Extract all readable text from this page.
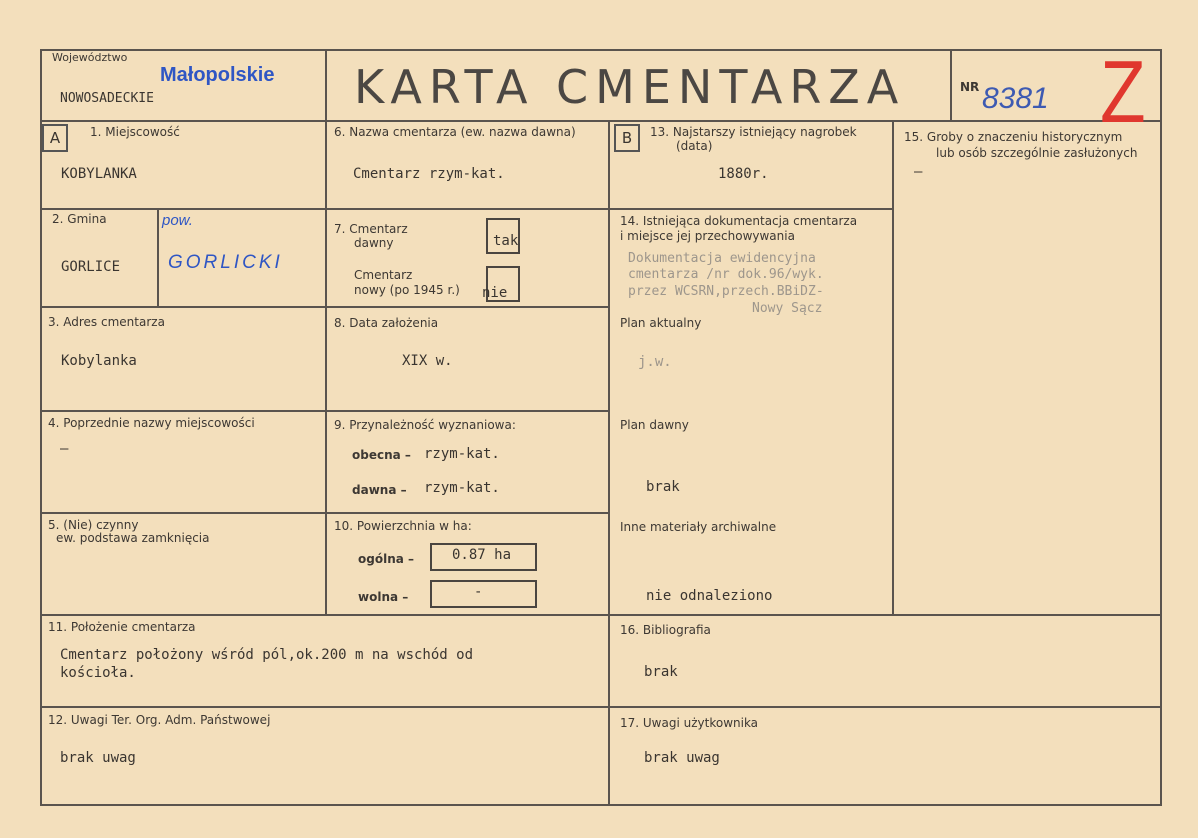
Województwo
Małopolskie
NOWOSADECKIE	KARTA CMENTARZA	NR 8381 Z
A	1. Miejscowość
KOBYLANKA
2. Gmina
GORLICE
pow.
GORLICKI
3. Adres cmentarza
Kobylanka
4. Poprzednie nazwy miejscowości
—
5. (Nie) czynny
ew. podstawa zamknięcia
6. Nazwa cmentarza (ew. nazwa dawna)
Cmentarz rzym-kat.
7. Cmentarz
dawny	tak
Cmentarz
nowy (po 1945 r.) nie
8. Data założenia
XIX w.
9. Przynależność wyznaniowa:
obecna – rzym-kat.
dawna – rzym-kat.
10. Powierzchnia w ha:
ogólna –	0.87 ha
wolna –	-
B	13. Najstarszy istniejący nagrobek
(data)
1880r.
14. Istniejąca dokumentacja cmentarza
i miejsce jej przechowywania
Dokumentacja ewidencyjna
cmentarza /nr dok.96/wyk.
przez WCSRN,przech.BBiDZ-
Nowy Sącz
Plan aktualny
j.w.
Plan dawny
brak
Inne materiały archiwalne
nie odnaleziono
15. Groby o znaczeniu historycznym
lub osób szczególnie zasłużonych
—
11. Położenie cmentarza
Cmentarz położony wśród pól,ok.200 m na wschód od
kościoła.
16. Bibliografia
brak
12. Uwagi Ter. Org. Adm. Państwowej
brak uwag
17. Uwagi użytkownika
brak uwag
